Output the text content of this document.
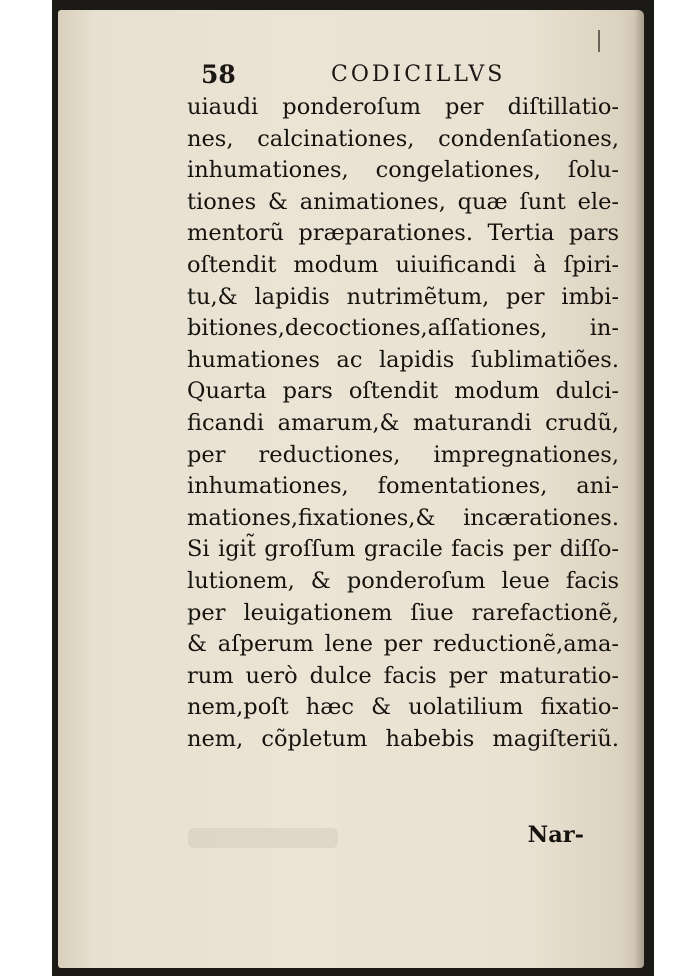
58	CODICILLVS
uiaudi ponderoſum per diſtillatio-
nes, calcinationes, condenſationes,
inhumationes, congelationes, ſolu-
tiones & animationes, quæ ſunt ele-
mentorũ præparationes. Tertia pars
oſtendit modum uiuificandi à ſpiri-
tu,& lapidis nutrimẽtum, per imbi-
bitiones,decoctiones,aſſationes, in-
humationes ac lapidis ſublimatiões.
Quarta pars oſtendit modum dulci-
ficandi amarum,& maturandi crudũ,
per reductiones, impregnationes,
inhumationes, fomentationes, ani-
mationes,fixationes,& incærationes.
Si igit̃ groſſum gracile facis per diſſo-
lutionem, & ponderoſum leue facis
per leuigationem ſiue rarefactionẽ,
& aſperum lene per reductionẽ,ama-
rum uerò dulce facis per maturatio-
nem,poſt hæc & uolatilium fixatio-
nem, cõpletum habebis magiſteriũ.
Nar-
